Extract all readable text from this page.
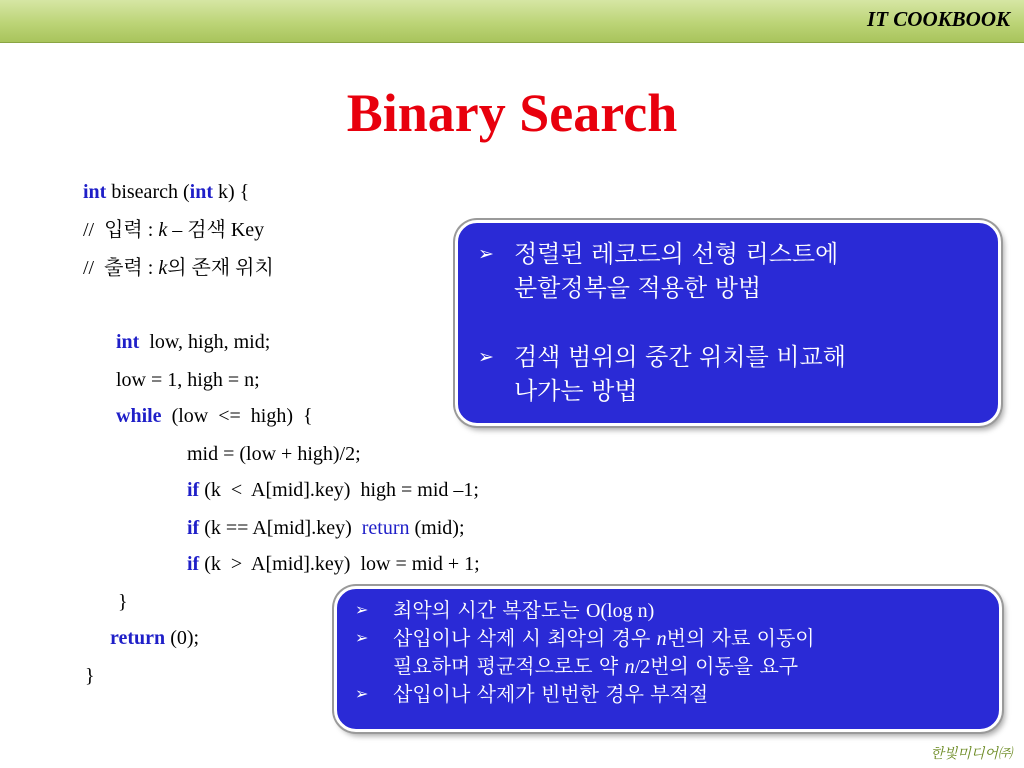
IT COOKBOOK
Binary Search
int bisearch (int k) {
//  입력 : k – 검색 Key
//  출력 : k의 존재 위치
int  low, high, mid;
low = 1, high = n;
while  (low  <=  high)  {
mid = (low + high)/2;
if (k  <  A[mid].key)  high = mid –1;
if (k == A[mid].key)  return (mid);
if (k  >  A[mid].key)  low = mid + 1;
}
return (0);
}
➢ 정렬된 레코드의 선형 리스트에
분할정복을 적용한 방법
➢ 검색 범위의 중간 위치를 비교해
나가는 방법
➢ 최악의 시간 복잡도는 O(log n)
➢ 삽입이나 삭제 시 최악의 경우 n번의 자료 이동이
필요하며 평균적으로도 약 n/2번의 이동을 요구
➢ 삽입이나 삭제가 빈번한 경우 부적절
한빛미디어㈜
